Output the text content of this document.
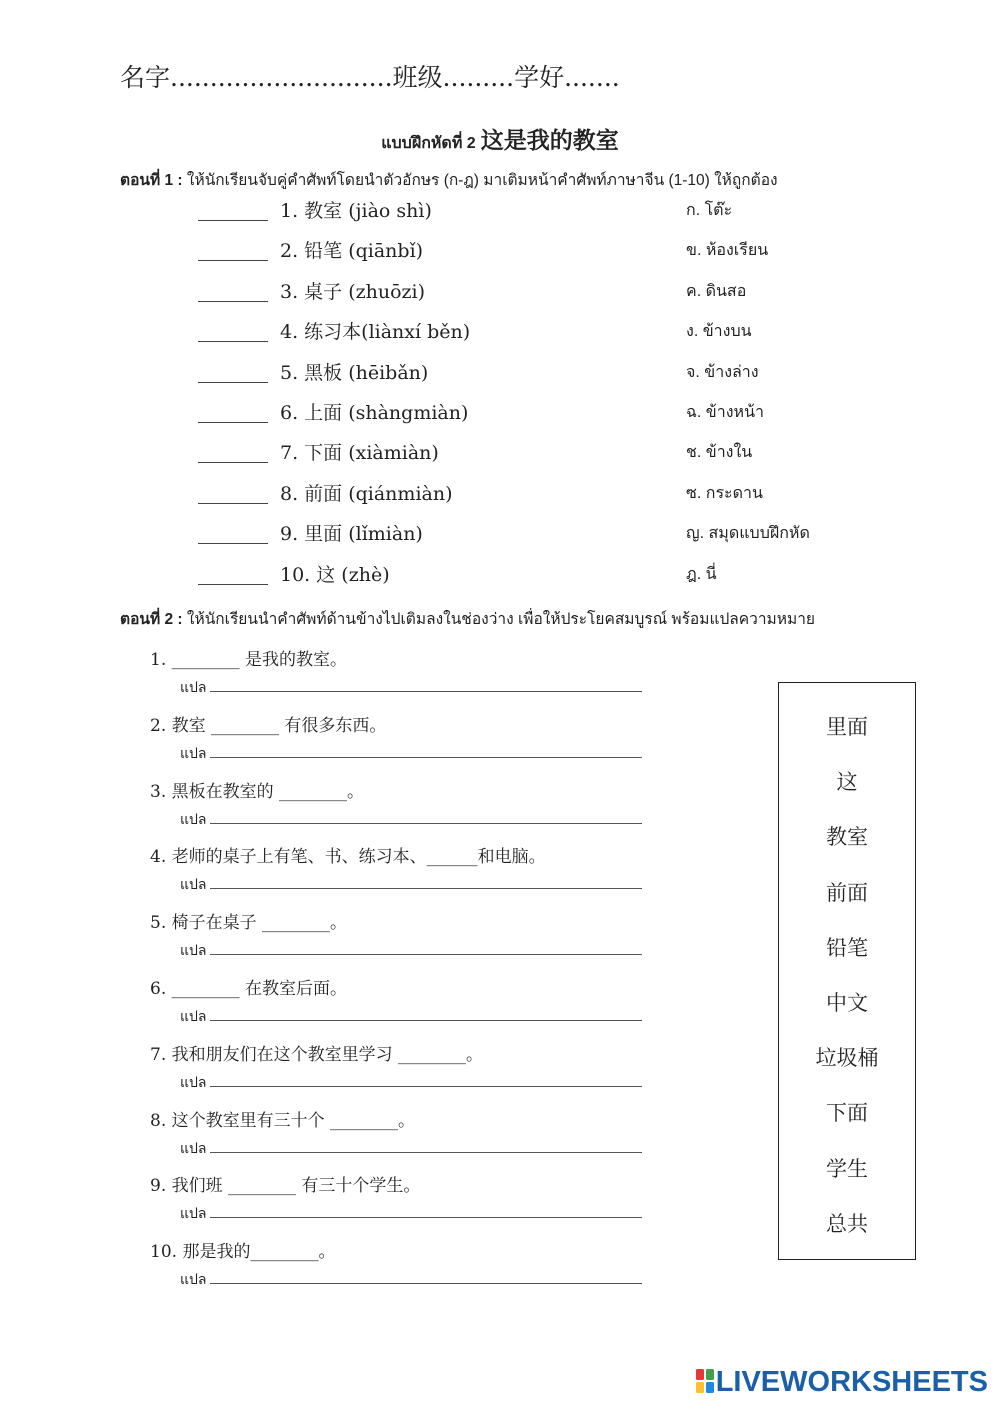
名字............................班级.........学好.......
แบบฝึกหัดที่ 2 这是我的教室
ตอนที่ 1 : ให้นักเรียนจับคู่คำศัพท์โดยนำตัวอักษร (ก-ฎ) มาเติมหน้าคำศัพท์ภาษาจีน (1-10) ให้ถูกต้อง
1. 教室 (jiào shì)	ก. โต๊ะ
2. 铅笔 (qiānbǐ)	ข. ห้องเรียน
3. 桌子 (zhuōzi)	ค. ดินสอ
4. 练习本(liànxí běn)	ง. ข้างบน
5. 黑板 (hēibǎn)	จ. ข้างล่าง
6. 上面 (shàngmiàn)	ฉ. ข้างหน้า
7. 下面 (xiàmiàn)	ช. ข้างใน
8. 前面 (qiánmiàn)	ซ. กระดาน
9. 里面 (lǐmiàn)	ญ. สมุดแบบฝึกหัด
10. 这 (zhè)	ฎ. นี่
ตอนที่ 2 : ให้นักเรียนนำคำศัพท์ด้านข้างไปเติมลงในช่องว่าง เพื่อให้ประโยคสมบูรณ์ พร้อมแปลความหมาย
1. ________ 是我的教室。
แปล
2. 教室 ________ 有很多东西。
แปล
3. 黑板在教室的 ________。
แปล
4. 老师的桌子上有笔、书、练习本、______和电脑。
แปล
5. 椅子在桌子 ________。
แปล
6. ________ 在教室后面。
แปล
7. 我和朋友们在这个教室里学习 ________。
แปล
8. 这个教室里有三十个 ________。
แปล
9. 我们班 ________ 有三十个学生。
แปล
10. 那是我的________。
แปล
里面
这
教室
前面
铅笔
中文
垃圾桶
下面
学生
总共
LIVEWORKSHEETS
